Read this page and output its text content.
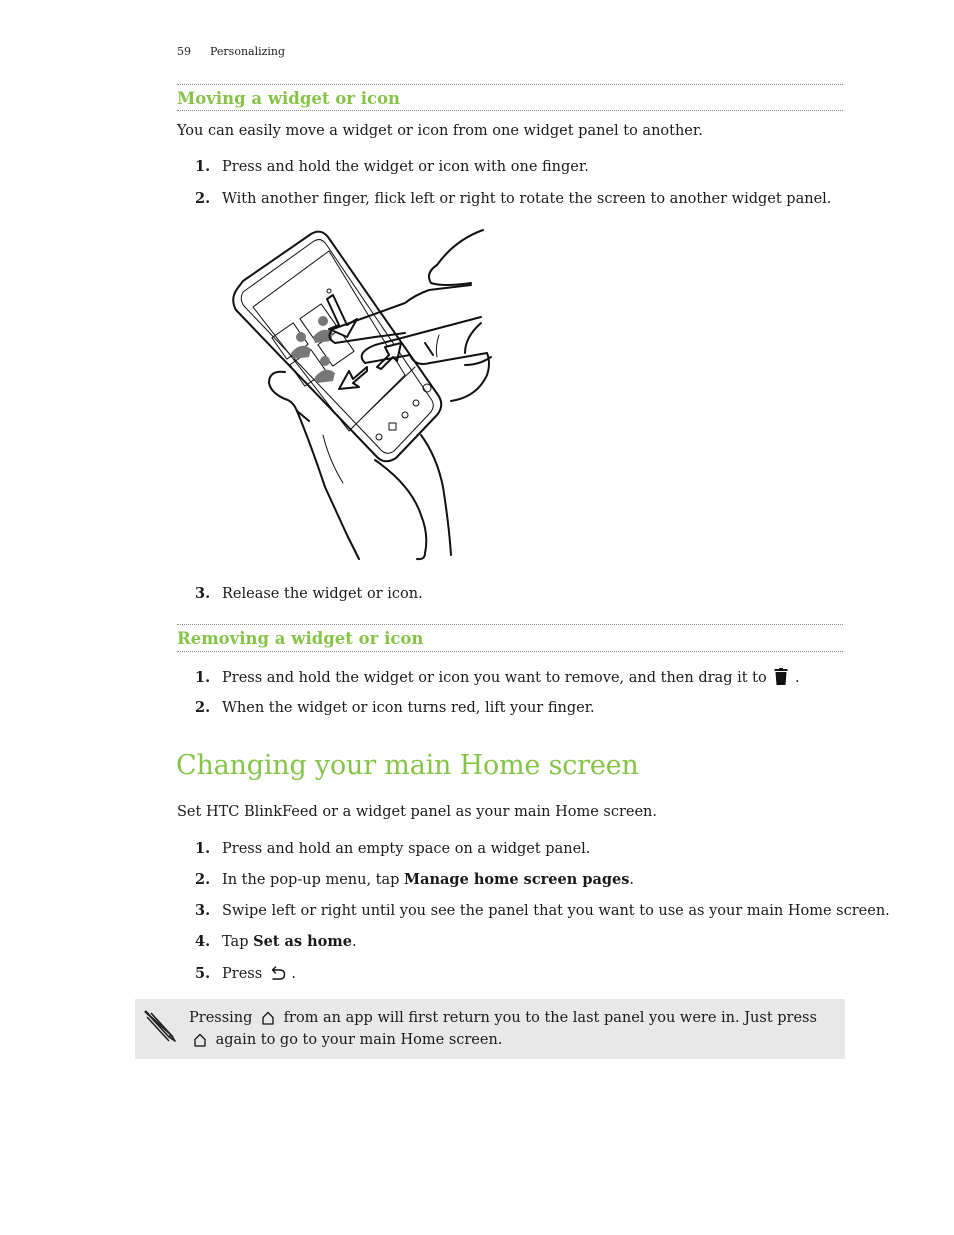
59 Personalizing
Moving a widget or icon
You can easily move a widget or icon from one widget panel to another.
1. Press and hold the widget or icon with one finger.
2. With another finger, flick left or right to rotate the screen to another widget panel.
3. Release the widget or icon.
Removing a widget or icon
1. Press and hold the widget or icon you want to remove, and then drag it to .
2. When the widget or icon turns red, lift your finger.
Changing your main Home screen
Set HTC BlinkFeed or a widget panel as your main Home screen.
1. Press and hold an empty space on a widget panel.
2. In the pop-up menu, tap Manage home screen pages.
3. Swipe left or right until you see the panel that you want to use as your main Home screen.
4. Tap Set as home.
5. Press .
Pressing from an app will first return you to the last panel you were in. Just press  again to go to your main Home screen.
